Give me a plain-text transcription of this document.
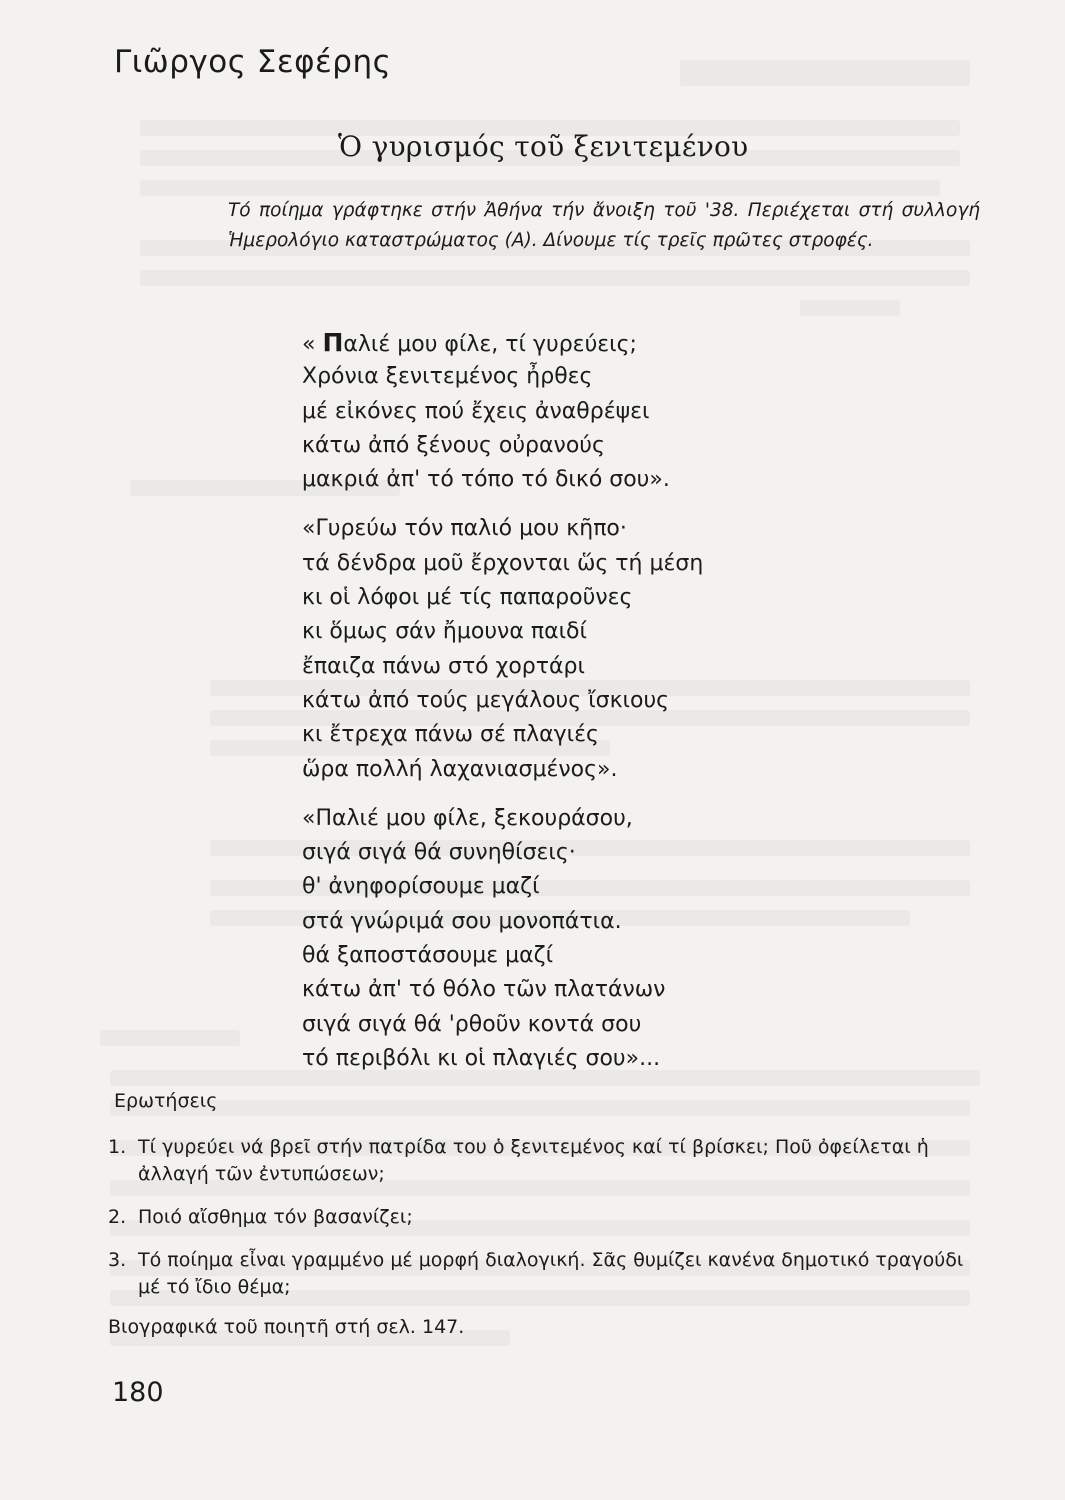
Γιῶργος Σεφέρης
Ὁ γυρισμός τοῦ ξενιτεμένου
Τό ποίημα γράφτηκε στήν Ἀθήνα τήν ἄνοιξη τοῦ '38. Περιέχεται στή συλλογή Ἡμερολόγιο καταστρώματος (Α). Δίνουμε τίς τρεῖς πρῶτες στροφές.
« Παλιέ μου φίλε, τί γυρεύεις;
Χρόνια ξενιτεμένος ἦρθες
μέ εἰκόνες πού ἔχεις ἀναθρέψει
κάτω ἀπό ξένους οὐρανούς
μακριά ἀπ' τό τόπο τό δικό σου».
«Γυρεύω τόν παλιό μου κῆπο·
τά δένδρα μοῦ ἔρχονται ὥς τή μέση
κι οἱ λόφοι μέ τίς παπαροῦνες
κι ὅμως σάν ἤμουνα παιδί
ἔπαιζα πάνω στό χορτάρι
κάτω ἀπό τούς μεγάλους ἴσκιους
κι ἔτρεχα πάνω σέ πλαγιές
ὥρα πολλή λαχανιασμένος».
«Παλιέ μου φίλε, ξεκουράσου,
σιγά σιγά θά συνηθίσεις·
θ' ἀνηφορίσουμε μαζί
στά γνώριμά σου μονοπάτια.
θά ξαποστάσουμε μαζί
κάτω ἀπ' τό θόλο τῶν πλατάνων
σιγά σιγά θά 'ρθοῦν κοντά σου
τό περιβόλι κι οἱ πλαγιές σου»...
Ερωτήσεις
1. Τί γυρεύει νά βρεῖ στήν πατρίδα του ὁ ξενιτεμένος καί τί βρίσκει; Ποῦ ὀφείλεται ἡ ἀλλαγή τῶν ἐντυπώσεων;
2. Ποιό αἴσθημα τόν βασανίζει;
3. Τό ποίημα εἶναι γραμμένο μέ μορφή διαλογική. Σᾶς θυμίζει κανένα δημοτικό τραγούδι μέ τό ἴδιο θέμα;
Βιογραφικά τοῦ ποιητῆ στή σελ. 147.
180
